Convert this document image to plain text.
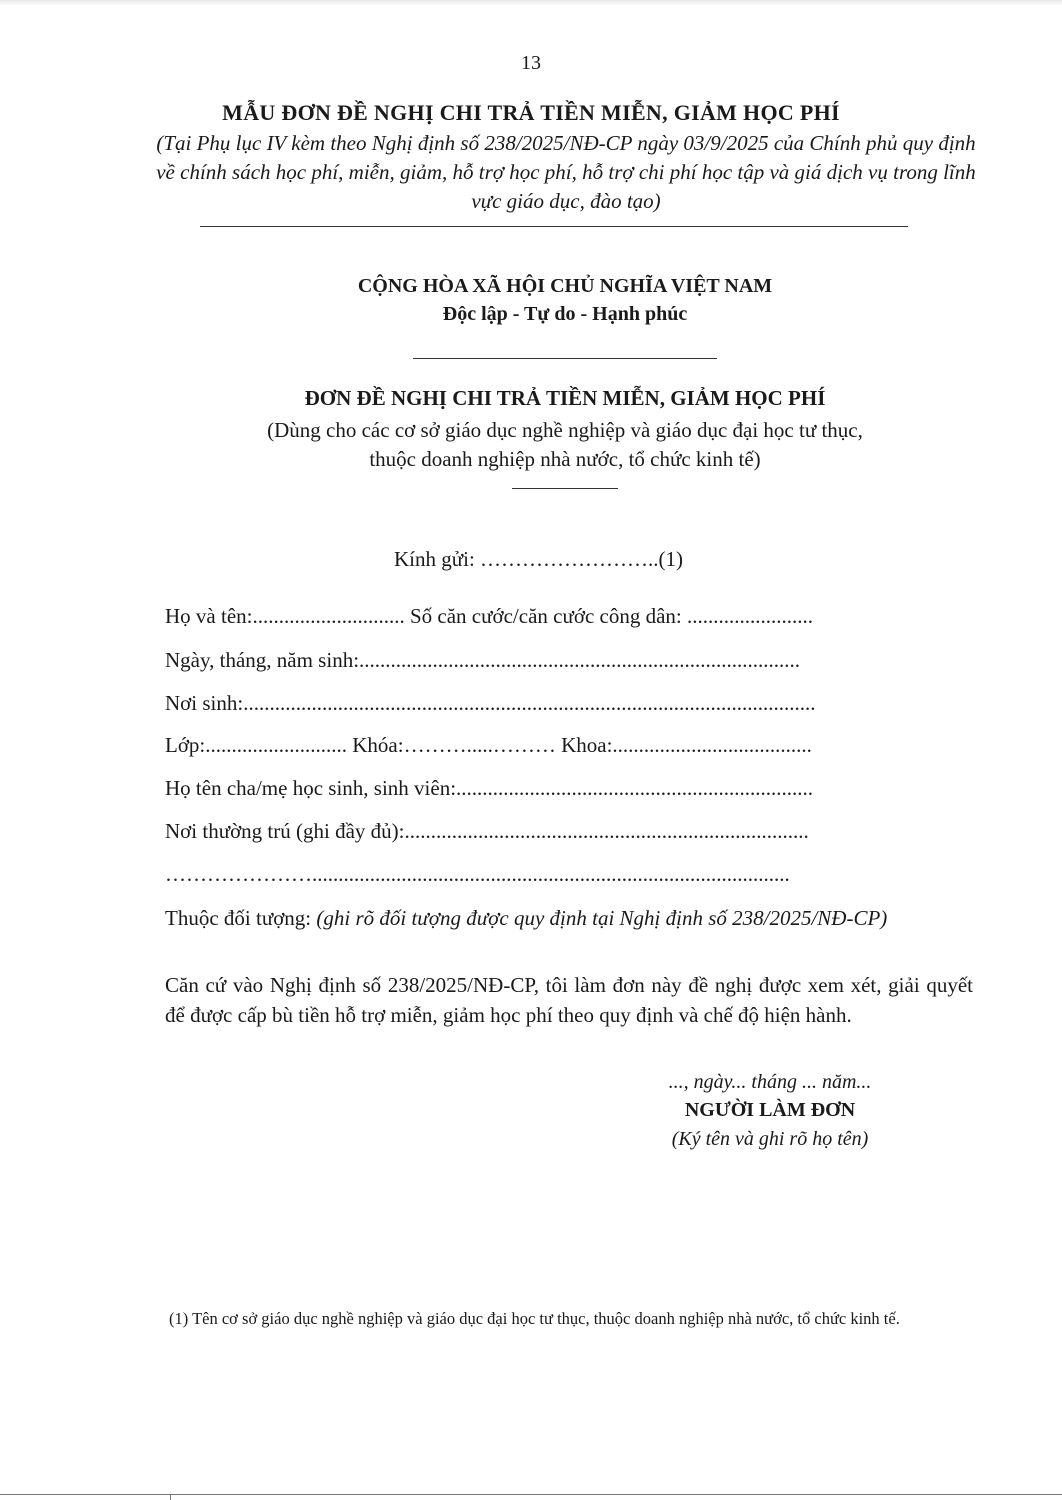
13
MẪU ĐƠN ĐỀ NGHỊ CHI TRẢ TIỀN MIỄN, GIẢM HỌC PHÍ
(Tại Phụ lục IV kèm theo Nghị định số 238/2025/NĐ-CP ngày 03/9/2025 của Chính phủ quy định về chính sách học phí, miễn, giảm, hỗ trợ học phí, hỗ trợ chi phí học tập và giá dịch vụ trong lĩnh vực giáo dục, đào tạo)
CỘNG HÒA XÃ HỘI CHỦ NGHĨA VIỆT NAM
Độc lập - Tự do - Hạnh phúc
ĐƠN ĐỀ NGHỊ CHI TRẢ TIỀN MIỄN, GIẢM HỌC PHÍ
(Dùng cho các cơ sở giáo dục nghề nghiệp và giáo dục đại học tư thục,
thuộc doanh nghiệp nhà nước, tổ chức kinh tế)
Kính gửi: ……………………..(1)
Họ và tên:............................. Số căn cước/căn cước công dân: ........................
Ngày, tháng, năm sinh:....................................................................................
Nơi sinh:.............................................................................................................
Lớp:........................... Khóa:……….....……… Khoa:......................................
Họ tên cha/mẹ học sinh, sinh viên:....................................................................
Nơi thường trú (ghi đầy đủ):.............................................................................
…………………...........................................................................................
Thuộc đối tượng: (ghi rõ đối tượng được quy định tại Nghị định số 238/2025/NĐ-CP)
Căn cứ vào Nghị định số 238/2025/NĐ-CP, tôi làm đơn này đề nghị được xem xét, giải quyết để được cấp bù tiền hỗ trợ miễn, giảm học phí theo quy định và chế độ hiện hành.
..., ngày... tháng ... năm...
NGƯỜI LÀM ĐƠN
(Ký tên và ghi rõ họ tên)
(1) Tên cơ sở giáo dục nghề nghiệp và giáo dục đại học tư thục, thuộc doanh nghiệp nhà nước, tổ chức kinh tế.
